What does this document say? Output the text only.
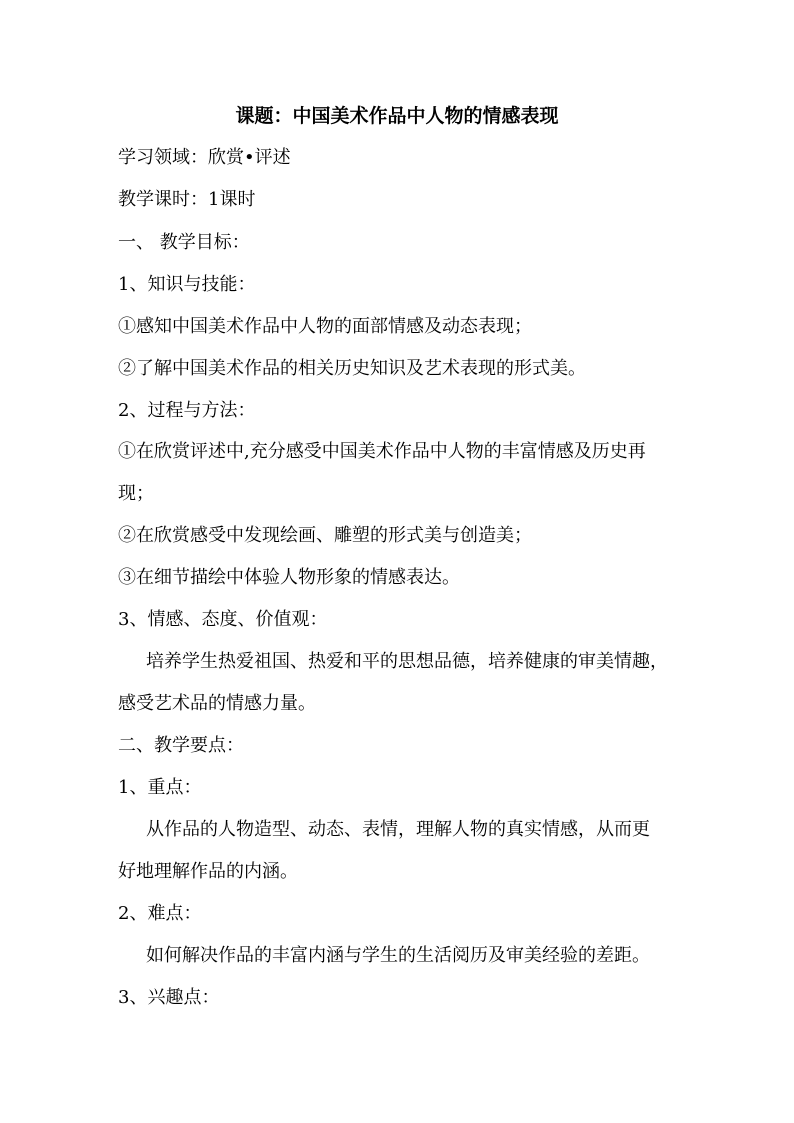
课题：中国美术作品中人物的情感表现
学习领域：欣赏•评述
教学课时：1课时
一、 教学目标：
1、知识与技能：
①感知中国美术作品中人物的面部情感及动态表现；
②了解中国美术作品的相关历史知识及艺术表现的形式美。
2、过程与方法：
①在欣赏评述中,充分感受中国美术作品中人物的丰富情感及历史再
现；
②在欣赏感受中发现绘画、雕塑的形式美与创造美；
③在细节描绘中体验人物形象的情感表达。
3、情感、态度、价值观：
培养学生热爱祖国、热爱和平的思想品德，培养健康的审美情趣，
感受艺术品的情感力量。
二、教学要点：
1、重点：
从作品的人物造型、动态、表情，理解人物的真实情感，从而更
好地理解作品的内涵。
2、难点：
如何解决作品的丰富内涵与学生的生活阅历及审美经验的差距。
3、兴趣点：
